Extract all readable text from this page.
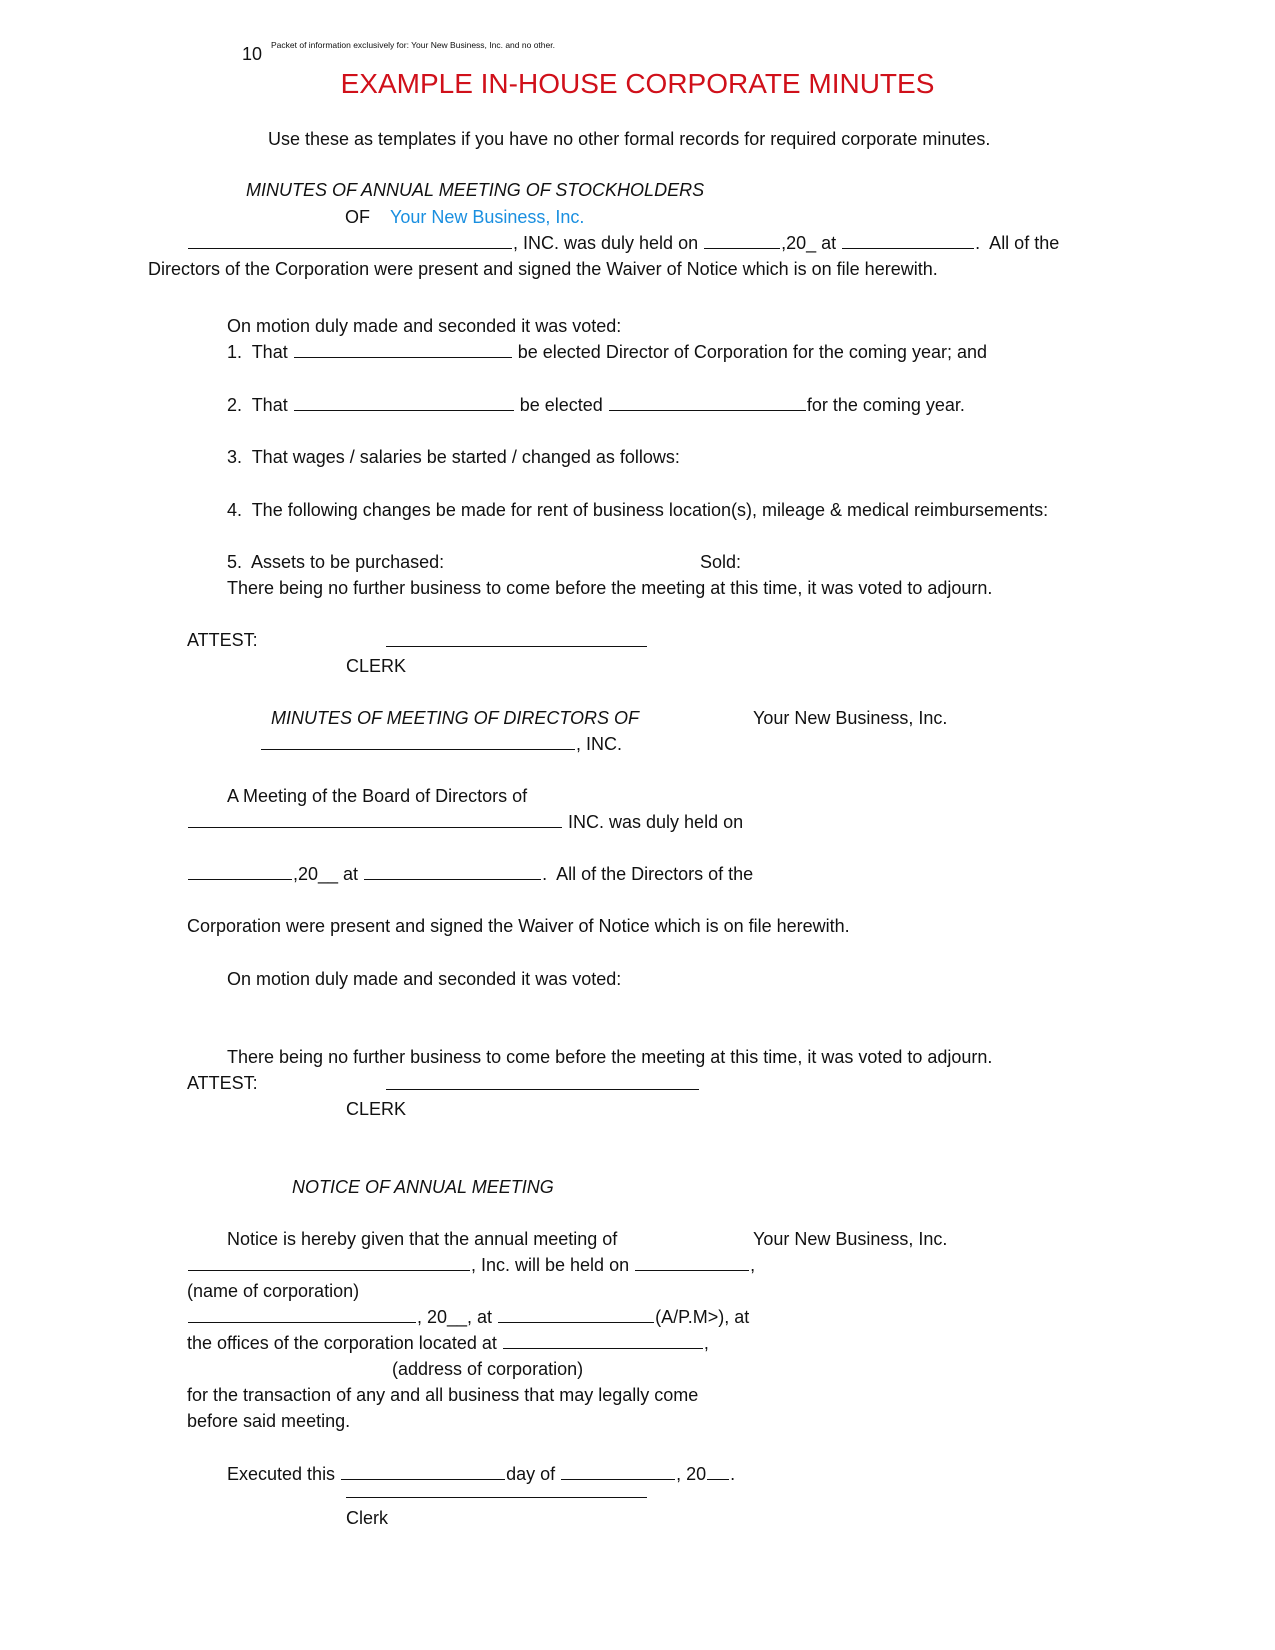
10 Packet of information exclusively for: Your New Business, Inc. and no other.
EXAMPLE IN-HOUSE CORPORATE MINUTES
Use these as templates if you have no other formal records for required corporate minutes.
MINUTES OF ANNUAL MEETING OF STOCKHOLDERS
OF Your New Business, Inc.
, INC. was duly held on	,20_ at	.  All of the
Directors of the Corporation were present and signed the Waiver of Notice which is on file herewith.
On motion duly made and seconded it was voted:
1.  That	be elected Director of Corporation for the coming year; and
2.  That	be elected	for the coming year.
3.  That wages / salaries be started / changed as follows:
4.  The following changes be made for rent of business location(s), mileage & medical reimbursements:
5.  Assets to be purchased:	Sold:
There being no further business to come before the meeting at this time, it was voted to adjourn.
ATTEST:
CLERK
MINUTES OF MEETING OF DIRECTORS OF	Your New Business, Inc.
, INC.
A Meeting of the Board of Directors of
INC. was duly held on
,20__ at	.  All of the Directors of the
Corporation were present and signed the Waiver of Notice which is on file herewith.
On motion duly made and seconded it was voted:
There being no further business to come before the meeting at this time, it was voted to adjourn.
ATTEST:
CLERK
NOTICE OF ANNUAL MEETING
Notice is hereby given that the annual meeting of	Your New Business, Inc.
, Inc. will be held on	,
(name of corporation)
, 20__, at	(A/P.M>), at
the offices of the corporation located at	,
(address of corporation)
for the transaction of any and all business that may legally come
before said meeting.
Executed this	day of	, 20 .
Clerk
